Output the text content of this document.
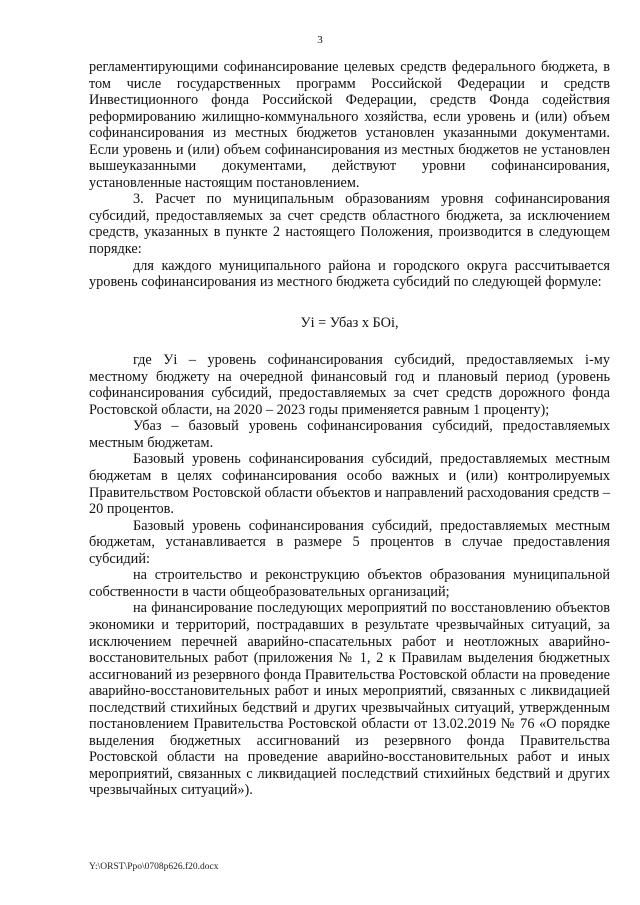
3

регламентирующими софинансирование целевых средств федерального бюджета, в том числе государственных программ Российской Федерации и средств Инвестиционного фонда Российской Федерации, средств Фонда содействия реформированию жилищно-коммунального хозяйства, если уровень и (или) объем софинансирования из местных бюджетов установлен указанными документами. Если уровень и (или) объем софинансирования из местных бюджетов не установлен вышеуказанными документами, действуют уровни софинансирования, установленные настоящим постановлением.

3. Расчет по муниципальным образованиям уровня софинансирования субсидий, предоставляемых за счет средств областного бюджета, за исключением средств, указанных в пункте 2 настоящего Положения, производится в следующем порядке:

для каждого муниципального района и городского округа рассчитывается уровень софинансирования из местного бюджета субсидий по следующей формуле:

Уi = Убаз х БОi,

где Уi – уровень софинансирования субсидий, предоставляемых i-му местному бюджету на очередной финансовый год и плановый период (уровень софинансирования субсидий, предоставляемых за счет средств дорожного фонда Ростовской области, на 2020 – 2023 годы применяется равным 1 проценту);

Убаз – базовый уровень софинансирования субсидий, предоставляемых местным бюджетам.

Базовый уровень софинансирования субсидий, предоставляемых местным бюджетам в целях софинансирования особо важных и (или) контролируемых Правительством Ростовской области объектов и направлений расходования средств – 20 процентов.

Базовый уровень софинансирования субсидий, предоставляемых местным бюджетам, устанавливается в размере 5 процентов в случае предоставления субсидий:

на строительство и реконструкцию объектов образования муниципальной собственности в части общеобразовательных организаций;

на финансирование последующих мероприятий по восстановлению объектов экономики и территорий, пострадавших в результате чрезвычайных ситуаций, за исключением перечней аварийно-спасательных работ и неотложных аварийно-восстановительных работ (приложения № 1, 2 к Правилам выделения бюджетных ассигнований из резервного фонда Правительства Ростовской области на проведение аварийно-восстановительных работ и иных мероприятий, связанных с ликвидацией последствий стихийных бедствий и других чрезвычайных ситуаций, утвержденным постановлением Правительства Ростовской области от 13.02.2019 № 76 «О порядке выделения бюджетных ассигнований из резервного фонда Правительства Ростовской области на проведение аварийно-восстановительных работ и иных мероприятий, связанных с ликвидацией последствий стихийных бедствий и других чрезвычайных ситуаций»).

Y:\ORST\Ppo\0708p626.f20.docx
